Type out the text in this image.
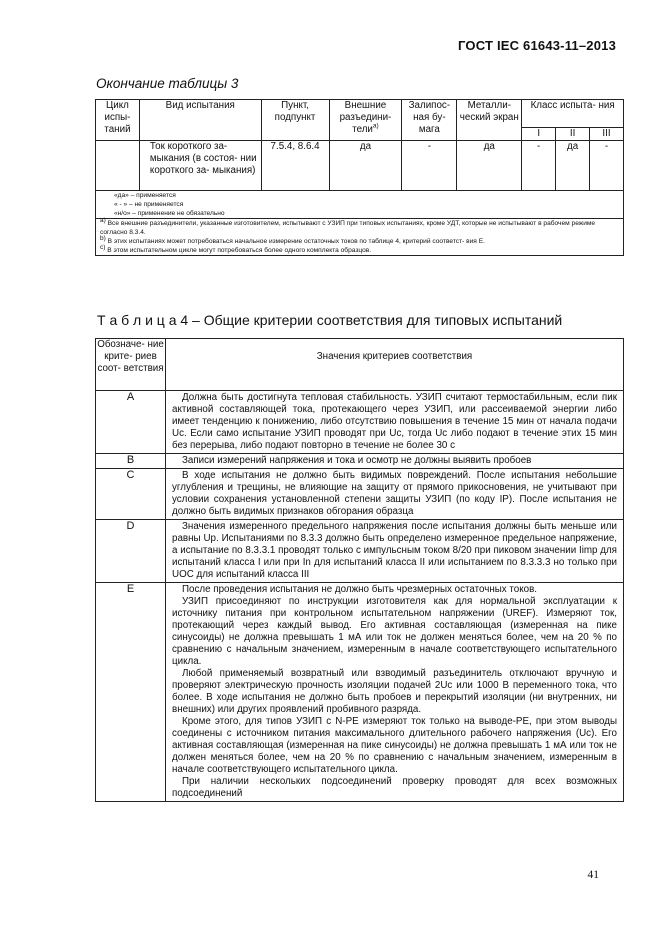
ГОСТ IEC 61643-11–2013
Окончание таблицы 3
Цикл испы- таний	Вид испытания	Пункт, подпункт	Внешние разъедини- тели$^{a)}$	Залипос- ная бу- мага	Металли- ческий экран	Класс испыта- ния		
						I	II	III
	Ток короткого за- мыкания (в состоя- нии короткого за- мыкания)	7.5.4, 8.6.4	да	-	да	-	да	-

«да» – применяется
« - » – не применяется
«н/о» – применение не обязательно								

$^{a)}$ Все внешние разъединители, указанные изготовителем, испытывают с УЗИП при типовых испытаниях, кроме УДТ, которые не испытывают в рабочем режиме согласно 8.3.4.
$^{b)}$ В этих испытаниях может потребоваться начальное измерение остаточных токов по таблице 4, критерий соответст- вия E.
$^{c)}$ В этом испытательном цикле могут потребоваться более одного комплекта образцов.								
Т а б л и ц а 4 – Общие критерии соответствия для типовых испытаний
Обозначе- ние крите- риев соот- ветствия	Значения критериев соответствия
A	Должна быть достигнута тепловая стабильность. УЗИП считают термостабильным, если пик активной составляющей тока, протекающего через УЗИП, или рассеиваемой энергии либо имеет тенденцию к понижению, либо отсутствию повышения в течение 15 мин от начала подачи Uc. Если само испытание УЗИП проводят при Uc, тогда Uc либо подают в течение этих 15 мин без перерыва, либо подают повторно в течение не более 30 с

B	Записи измерений напряжения и тока и осмотр не должны выявить пробоев

C	В ходе испытания не должно быть видимых повреждений. После испытания небольшие углубления и трещины, не влияющие на защиту от прямого прикосновения, не учитывают при условии сохранения установленной степени защиты УЗИП (по коду IP). После испытания не должно быть видимых признаков обгорания образца

D	Значения измеренного предельного напряжения после испытания должны быть меньше или равны Up. Испытаниями по 8.3.3 должно быть определено измеренное предельное напряжение, а испытание по 8.3.3.1 проводят только с импульсным током 8/20 при пиковом значении Iimp для испытаний класса I или при In для испытаний класса II или испытанием по 8.3.3.3 но только при UOC для испытаний класса III

E	После проведения испытания не должно быть чрезмерных остаточных токов.

УЗИП присоединяют по инструкции изготовителя как для нормальной эксплуатации к источнику питания при контрольном испытательном напряжении (UREF). Измеряют ток, протекающий через каждый вывод. Его активная составляющая (измеренная на пике синусоиды) не должна превышать 1 мА или ток не должен меняться более, чем на 20 % по сравнению с начальным значением, измеренным в начале соответствующего испытательного цикла.

Любой применяемый возвратный или взводимый разъединитель отключают вручную и проверяют электрическую прочность изоляции подачей 2Uc или 1000 В переменного тока, что более. В ходе испытания не должно быть пробоев и перекрытий изоляции (ни внутренних, ни внешних) или других проявлений пробивного разряда.

Кроме этого, для типов УЗИП с N-PE измеряют ток только на выводе-PE, при этом выводы соединены с источником питания максимального длительного рабочего напряжения (Uc). Его активная составляющая (измеренная на пике синусоиды) не должна превышать 1 мА или ток не должен меняться более, чем на 20 % по сравнению с начальным значением, измеренным в начале соответствующего испытательного цикла.

При наличии нескольких подсоединений проверку проводят для всех возможных подсоединений

41
